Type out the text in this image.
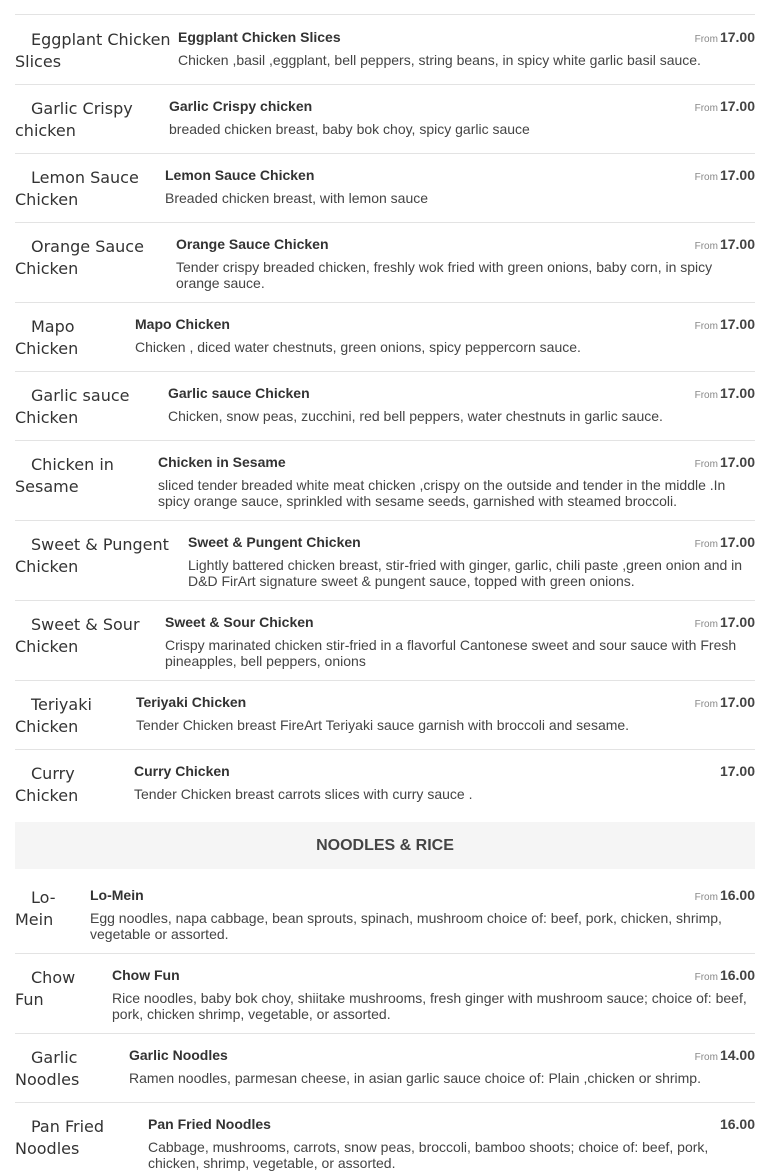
Eggplant Chicken Slices
Eggplant Chicken Slices
Chicken ,basil ,eggplant, bell peppers, string beans, in spicy white garlic basil sauce.
From 17.00
Garlic Crispy chicken
Garlic Crispy chicken
breaded chicken breast, baby bok choy, spicy garlic sauce
From 17.00
Lemon Sauce Chicken
Lemon Sauce Chicken
Breaded chicken breast, with lemon sauce
From 17.00
Orange Sauce Chicken
Orange Sauce Chicken
Tender crispy breaded chicken, freshly wok fried with green onions, baby corn, in spicy orange sauce.
From 17.00
Mapo Chicken
Mapo Chicken
Chicken , diced water chestnuts, green onions, spicy peppercorn sauce.
From 17.00
Garlic sauce Chicken
Garlic sauce Chicken
Chicken, snow peas, zucchini, red bell peppers, water chestnuts in garlic sauce.
From 17.00
Chicken in Sesame
Chicken in Sesame
sliced tender breaded white meat chicken ,crispy on the outside and tender in the middle .In spicy orange sauce, sprinkled with sesame seeds, garnished with steamed broccoli.
From 17.00
Sweet & Pungent Chicken
Sweet & Pungent Chicken
Lightly battered chicken breast, stir-fried with ginger, garlic, chili paste ,green onion and in D&D FirArt signature sweet & pungent sauce, topped with green onions.
From 17.00
Sweet & Sour Chicken
Sweet & Sour Chicken
Crispy marinated chicken stir-fried in a flavorful Cantonese sweet and sour sauce with Fresh pineapples, bell peppers, onions
From 17.00
Teriyaki Chicken
Teriyaki Chicken
Tender Chicken breast FireArt Teriyaki sauce garnish with broccoli and sesame.
From 17.00
Curry Chicken
Curry Chicken
Tender Chicken breast carrots slices with curry sauce .
17.00
NOODLES & RICE
Lo-Mein
Lo-Mein
Egg noodles, napa cabbage, bean sprouts, spinach, mushroom choice of: beef, pork, chicken, shrimp, vegetable or assorted.
From 16.00
Chow Fun
Chow Fun
Rice noodles, baby bok choy, shiitake mushrooms, fresh ginger with mushroom sauce; choice of: beef, pork, chicken shrimp, vegetable, or assorted.
From 16.00
Garlic Noodles
Garlic Noodles
Ramen noodles, parmesan cheese, in asian garlic sauce choice of: Plain ,chicken or shrimp.
From 14.00
Pan Fried Noodles
Pan Fried Noodles
Cabbage, mushrooms, carrots, snow peas, broccoli, bamboo shoots; choice of: beef, pork, chicken, shrimp, vegetable, or assorted.
16.00
